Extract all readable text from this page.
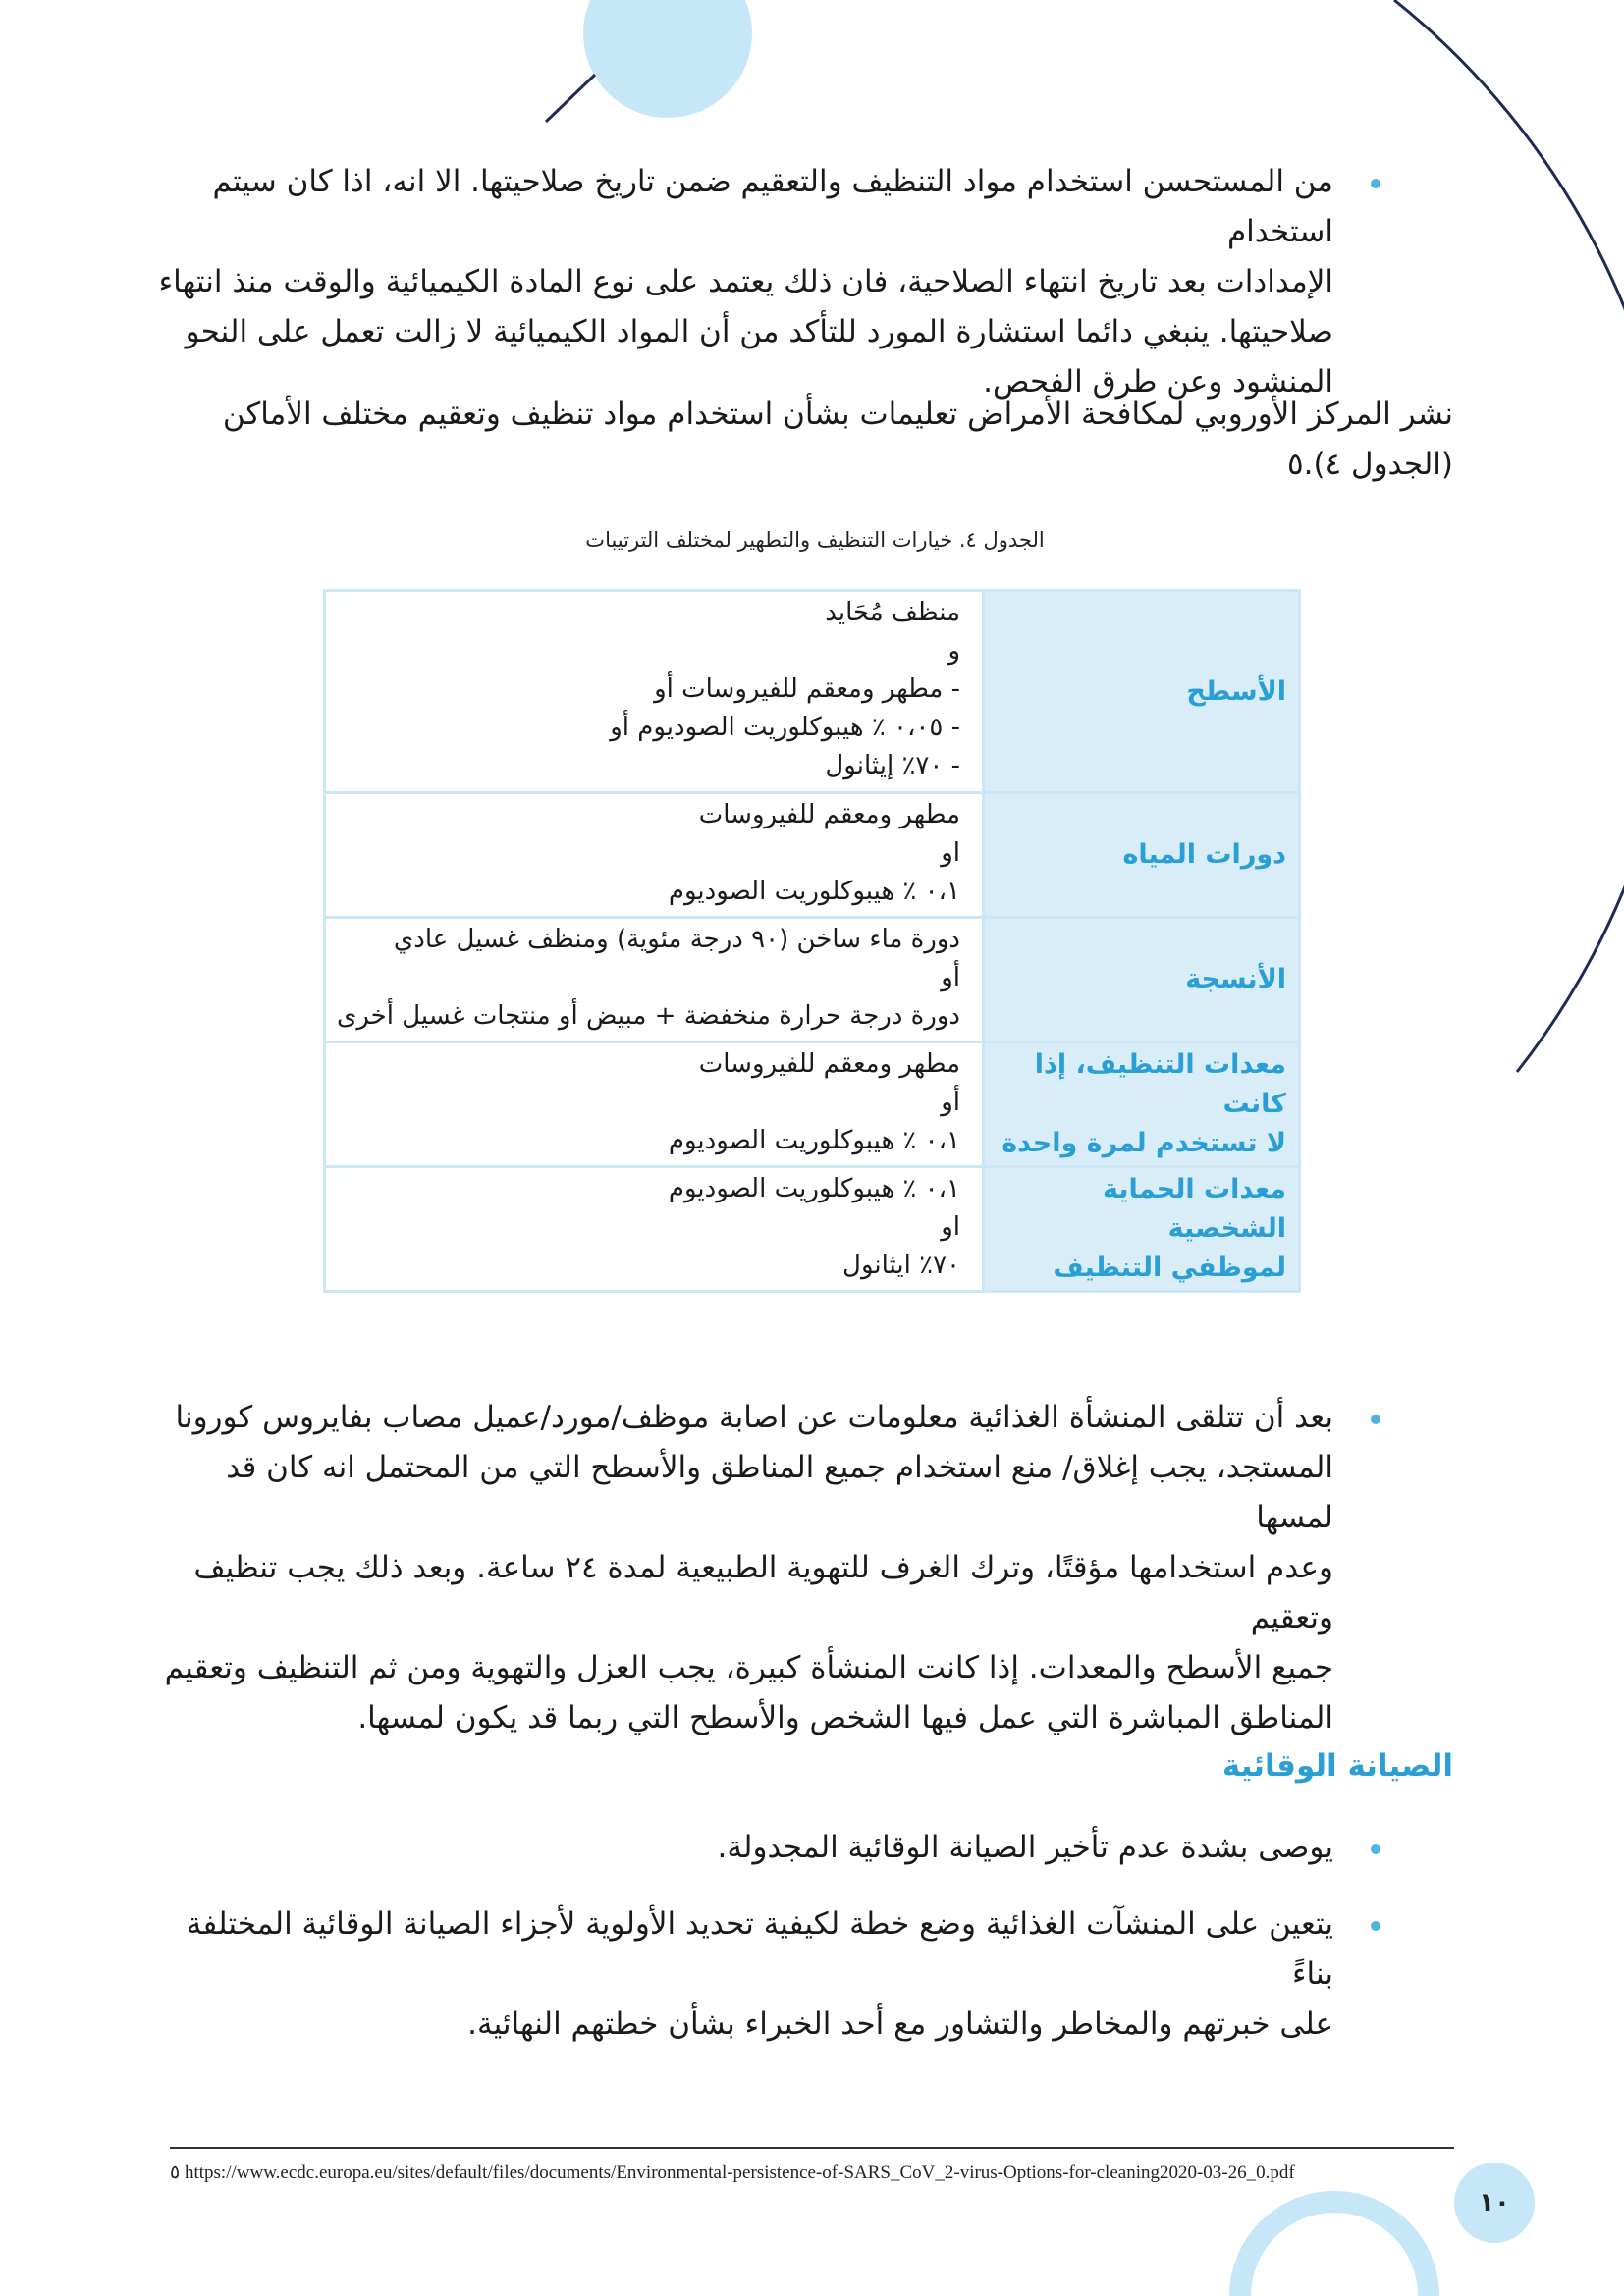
من المستحسن استخدام مواد التنظيف والتعقيم ضمن تاريخ صلاحيتها. الا انه، اذا كان سيتم استخدام
الإمدادات بعد تاريخ انتهاء الصلاحية، فان ذلك يعتمد على نوع المادة الكيميائية والوقت منذ انتهاء
صلاحيتها. ينبغي دائما استشارة المورد للتأكد من أن المواد الكيميائية لا زالت تعمل على النحو
المنشود وعن طرق الفحص.
نشر المركز الأوروبي لمكافحة الأمراض تعليمات بشأن استخدام مواد تنظيف وتعقيم مختلف الأماكن
(الجدول ٤).٥
الجدول ٤. خيارات التنظيف والتطهير لمختلف الترتيبات
الأسطح	منظف مُحَايد
و
- مطهر ومعقم للفيروسات أو
- ٠،٠٥ ٪ هيبوكلوريت الصوديوم أو
- ٧٠٪ إيثانول

دورات المياه	مطهر ومعقم للفيروسات
او
٠،١ ٪ هيبوكلوريت الصوديوم

الأنسجة	دورة ماء ساخن (٩٠ درجة مئوية) ومنظف غسيل عادي
أو
دورة درجة حرارة منخفضة + مبيض أو منتجات غسيل أخرى

معدات التنظيف، إذا كانت
لا تستخدم لمرة واحدة	مطهر ومعقم للفيروسات
أو
٠،١ ٪ هيبوكلوريت الصوديوم

معدات الحماية الشخصية
لموظفي التنظيف	٠،١ ٪ هيبوكلوريت الصوديوم
او
٧٠٪ ايثانول
بعد أن تتلقى المنشأة الغذائية معلومات عن اصابة موظف/مورد/عميل مصاب بفايروس كورونا
المستجد، يجب إغلاق/ منع استخدام جميع المناطق والأسطح التي من المحتمل انه كان قد لمسها
وعدم استخدامها مؤقتًا، وترك الغرف للتهوية الطبيعية لمدة ٢٤ ساعة. وبعد ذلك يجب تنظيف وتعقيم
جميع الأسطح والمعدات. إذا كانت المنشأة كبيرة، يجب العزل والتهوية ومن ثم التنظيف وتعقيم
المناطق المباشرة التي عمل فيها الشخص والأسطح التي ربما قد يكون لمسها.
الصيانة الوقائية
يوصى بشدة عدم تأخير الصيانة الوقائية المجدولة.
يتعين على المنشآت الغذائية وضع خطة لكيفية تحديد الأولوية لأجزاء الصيانة الوقائية المختلفة بناءً
على خبرتهم والمخاطر والتشاور مع أحد الخبراء بشأن خطتهم النهائية.
٥ https://www.ecdc.europa.eu/sites/default/files/documents/Environmental-persistence-of-SARS_CoV_2-virus-Options-for-cleaning2020-03-26_0.pdf
١٠
